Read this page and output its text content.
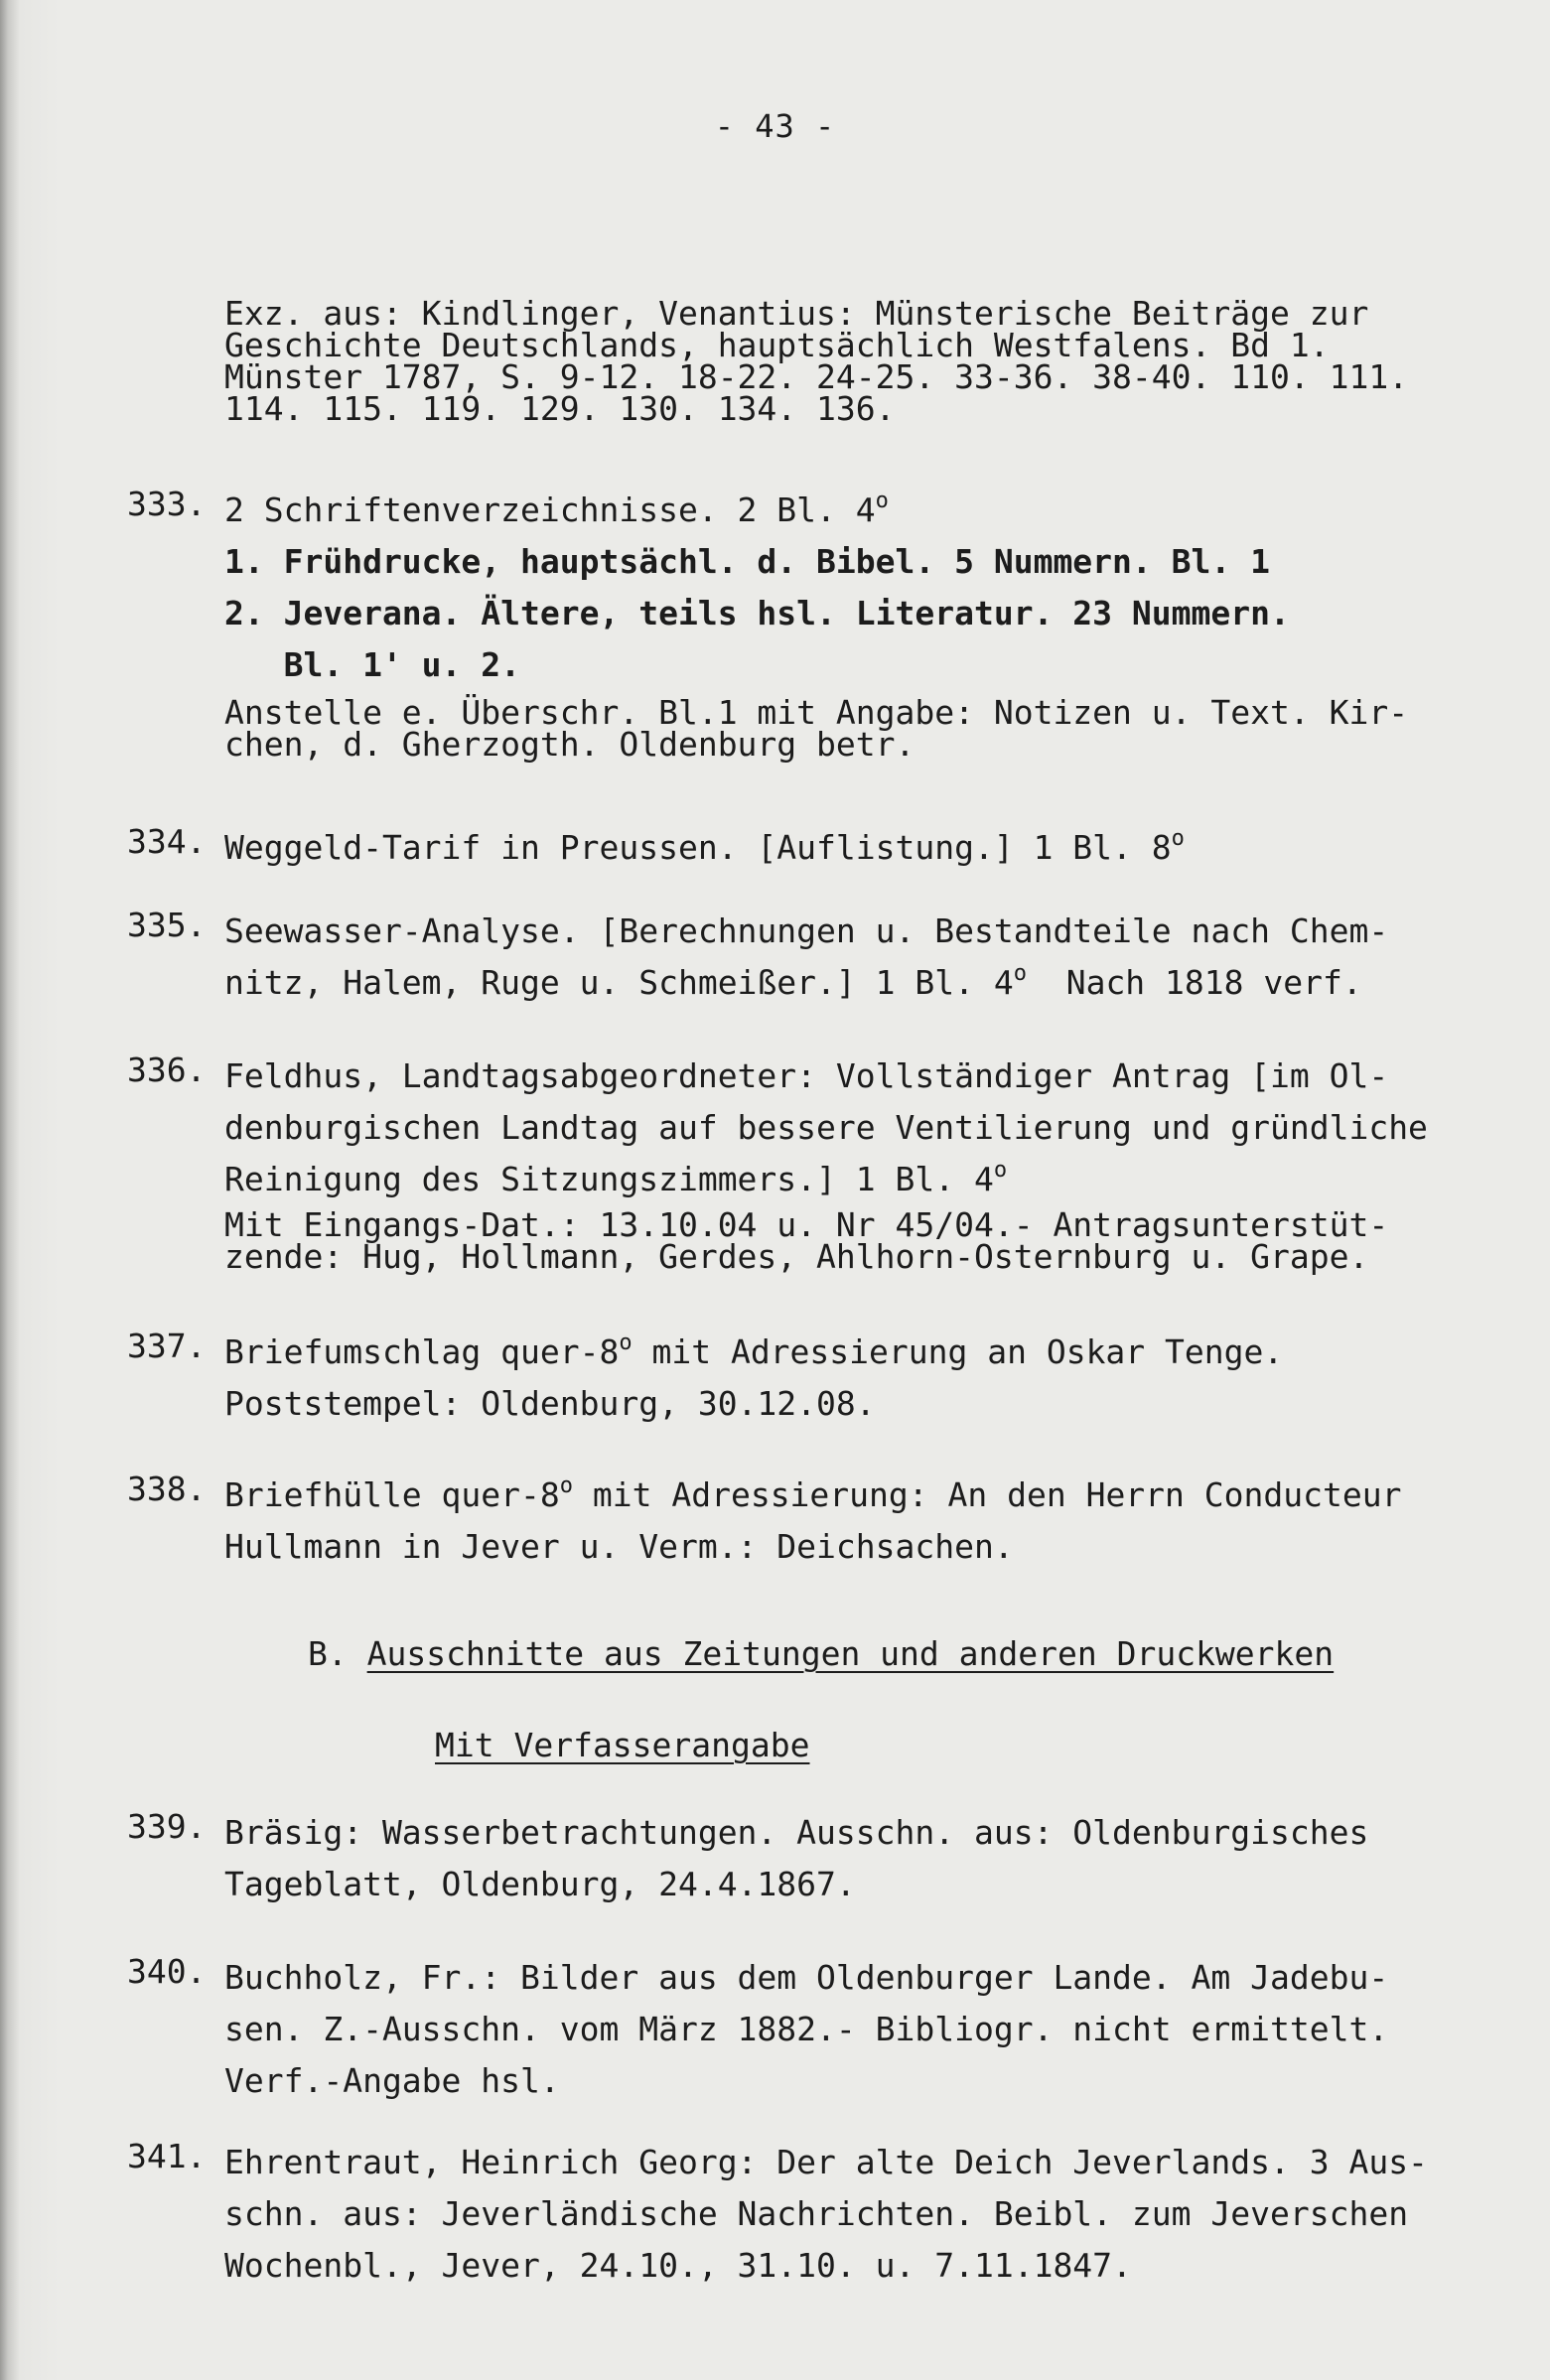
- 43 -
Exz. aus: Kindlinger, Venantius: Münsterische Beiträge zur
Geschichte Deutschlands, hauptsächlich Westfalens. Bd 1.
Münster 1787, S. 9-12. 18-22. 24-25. 33-36. 38-40. 110. 111.
114. 115. 119. 129. 130. 134. 136.
333. 2 Schriftenverzeichnisse. 2 Bl. 4$^o$
1. Frühdrucke, hauptsächl. d. Bibel. 5 Nummern. Bl. 1
2. Jeverana. Ältere, teils hsl. Literatur. 23 Nummern.
Bl. 1' u. 2.
Anstelle e. Überschr. Bl.1 mit Angabe: Notizen u. Text. Kir-
chen, d. Gherzogth. Oldenburg betr.
334. Weggeld-Tarif in Preussen. [Auflistung.] 1 Bl. 8$^o$
335. Seewasser-Analyse. [Berechnungen u. Bestandteile nach Chem-
nitz, Halem, Ruge u. Schmeißer.] 1 Bl. 4$^o$  Nach 1818 verf.
336. Feldhus, Landtagsabgeordneter: Vollständiger Antrag [im Ol-
denburgischen Landtag auf bessere Ventilierung und gründliche
Reinigung des Sitzungszimmers.] 1 Bl. 4$^o$
Mit Eingangs-Dat.: 13.10.04 u. Nr 45/04.- Antragsunterstüt-
zende: Hug, Hollmann, Gerdes, Ahlhorn-Osternburg u. Grape.
337. Briefumschlag quer-8$^o$ mit Adressierung an Oskar Tenge.
Poststempel: Oldenburg, 30.12.08.
338. Briefhülle quer-8$^o$ mit Adressierung: An den Herrn Conducteur
Hullmann in Jever u. Verm.: Deichsachen.
B. Ausschnitte aus Zeitungen und anderen Druckwerken
Mit Verfasserangabe
339. Bräsig: Wasserbetrachtungen. Ausschn. aus: Oldenburgisches
Tageblatt, Oldenburg, 24.4.1867.
340. Buchholz, Fr.: Bilder aus dem Oldenburger Lande. Am Jadebu-
sen. Z.-Ausschn. vom März 1882.- Bibliogr. nicht ermittelt.
Verf.-Angabe hsl.
341. Ehrentraut, Heinrich Georg: Der alte Deich Jeverlands. 3 Aus-
schn. aus: Jeverländische Nachrichten. Beibl. zum Jeverschen
Wochenbl., Jever, 24.10., 31.10. u. 7.11.1847.
